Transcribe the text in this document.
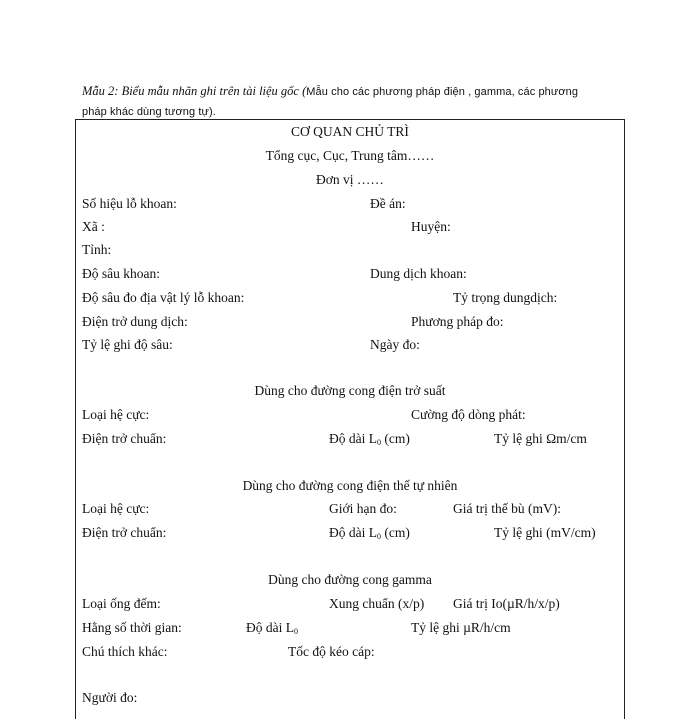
Mẫu 2: Biểu mẫu nhãn ghi trên tài liệu gốc (Mẫu cho các phương pháp điện , gamma, các phương
pháp khác dùng tương tự).
CƠ QUAN CHỦ TRÌ
Tổng cục, Cục, Trung tâm……
Đơn vị ……
Số hiệu lỗ khoan:	Đề án:
Xã :	Huyện:
Tỉnh:
Độ sâu khoan:	Dung dịch khoan:
Độ sâu đo địa vật lý lỗ khoan:	Tỷ trọng dungdịch:
Điện trở dung dịch:	Phương pháp đo:
Tỷ lệ ghi độ sâu:	Ngày đo:
Dùng cho đường cong điện trở suất
Loại hệ cực:	Cường độ dòng phát:
Điện trở chuẩn:	Độ dài $L_0$ (cm)	Tỷ lệ ghi Ωm/cm
Dùng cho đường cong điện thế tự nhiên
Loại hệ cực:	Giới hạn đo:	Giá trị thế bù (mV):
Điện trở chuẩn:	Độ dài $L_0$ (cm)	Tỷ lệ ghi (mV/cm)
Dùng cho đường cong gamma
Loại ống đếm:	Xung chuẩn (x/p) Giá trị Io(µR/h/x/p)
Hằng số thời gian:	Độ dài $L_0$	Tỷ lệ ghi µR/h/cm
Chú thích khác:	Tốc độ kéo cáp:
Người đo:
